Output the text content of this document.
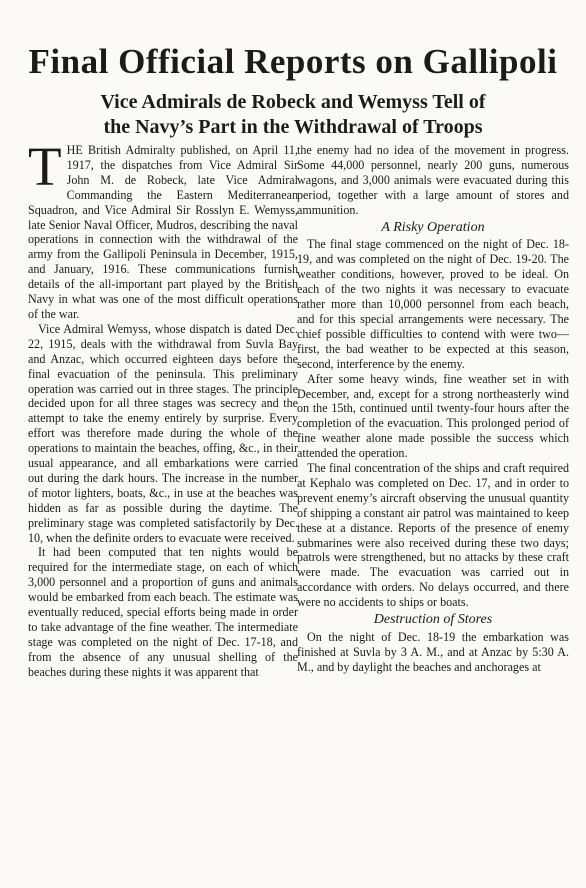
Final Official Reports on Gallipoli
Vice Admirals de Robeck and Wemyss Tell of
the Navy’s Part in the Withdrawal of Troops

THE British Admiralty published, on April 11, 1917, the dispatches from Vice Admiral Sir John M. de Robeck, late Vice Admiral Commanding the Eastern Mediterranean Squadron, and Vice Admiral Sir Rosslyn E. Wemyss, late Senior Naval Officer, Mudros, describing the naval operations in connection with the withdrawal of the army from the Gallipoli Peninsula in December, 1915, and January, 1916. These communications furnish details of the all-important part played by the British Navy in what was one of the most difficult operations of the war.

Vice Admiral Wemyss, whose dispatch is dated Dec. 22, 1915, deals with the withdrawal from Suvla Bay and Anzac, which occurred eighteen days before the final evacuation of the peninsula. This preliminary operation was carried out in three stages. The principle decided upon for all three stages was secrecy and the attempt to take the enemy entirely by surprise. Every effort was therefore made during the whole of the operations to maintain the beaches, offing, &c., in their usual appearance, and all embarkations were carried out during the dark hours. The increase in the number of motor lighters, boats, &c., in use at the beaches was hidden as far as possible during the daytime. The preliminary stage was completed satisfactorily by Dec. 10, when the definite orders to evacuate were received.

It had been computed that ten nights would be required for the intermediate stage, on each of which 3,000 personnel and a proportion of guns and animals would be embarked from each beach. The estimate was eventually reduced, special efforts being made in order to take advantage of the fine weather. The intermediate stage was completed on the night of Dec. 17-18, and from the absence of any unusual shelling of the beaches during these nights it was apparent that

the enemy had no idea of the movement in progress. Some 44,000 personnel, nearly 200 guns, numerous wagons, and 3,000 animals were evacuated during this period, together with a large amount of stores and ammunition.

A Risky Operation

The final stage commenced on the night of Dec. 18-19, and was completed on the night of Dec. 19-20. The weather conditions, however, proved to be ideal. On each of the two nights it was necessary to evacuate rather more than 10,000 personnel from each beach, and for this special arrangements were necessary. The chief possible difficulties to contend with were two—first, the bad weather to be expected at this season, second, interference by the enemy.

After some heavy winds, fine weather set in with December, and, except for a strong northeasterly wind on the 15th, continued until twenty-four hours after the completion of the evacuation. This prolonged period of fine weather alone made possible the success which attended the operation.

The final concentration of the ships and craft required at Kephalo was completed on Dec. 17, and in order to prevent enemy’s aircraft observing the unusual quantity of shipping a constant air patrol was maintained to keep these at a distance. Reports of the presence of enemy submarines were also received during these two days; patrols were strengthened, but no attacks by these craft were made. The evacuation was carried out in accordance with orders. No delays occurred, and there were no accidents to ships or boats.

Destruction of Stores

On the night of Dec. 18-19 the embarkation was finished at Suvla by 3 A. M., and at Anzac by 5:30 A. M., and by daylight the beaches and anchorages at
